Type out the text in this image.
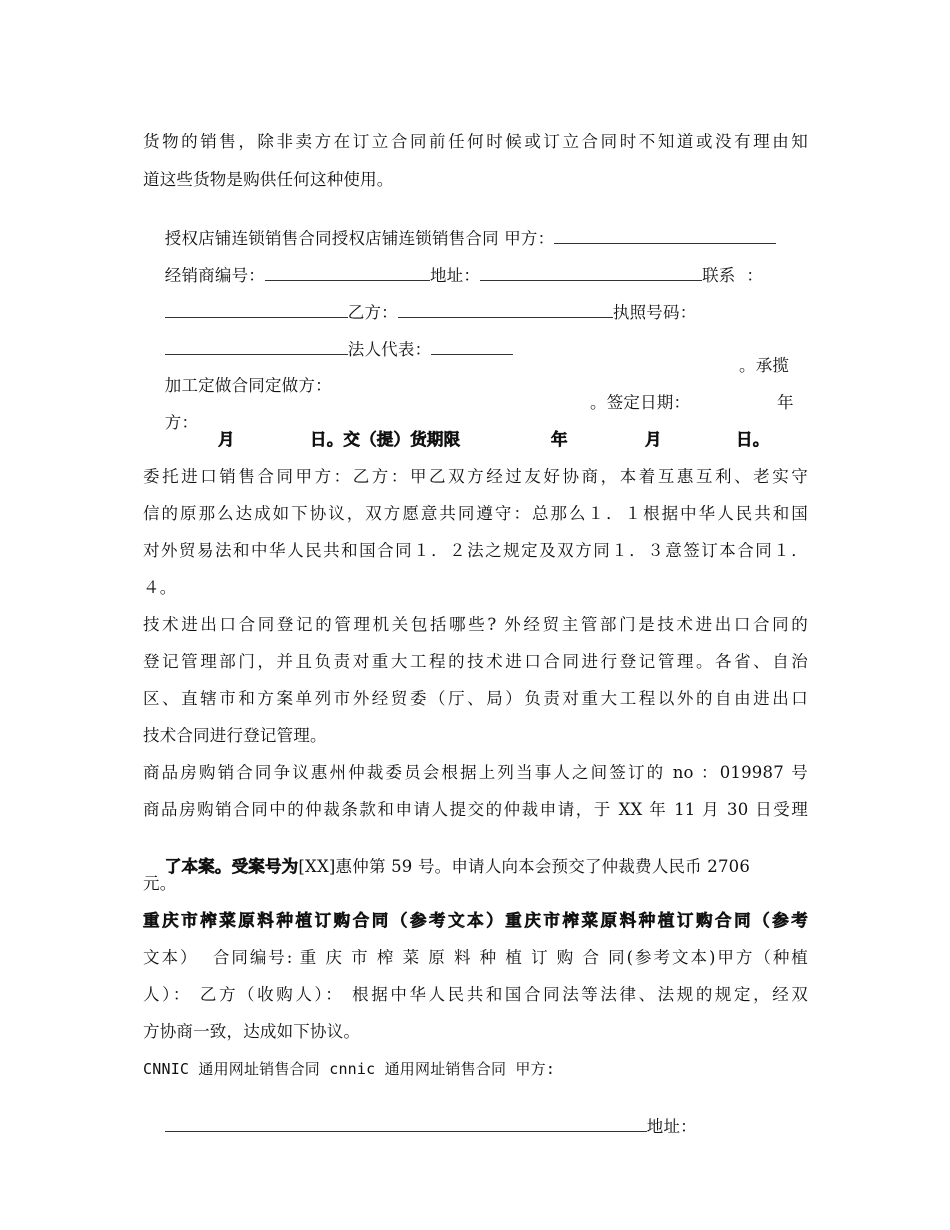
货物的销售，除非卖方在订立合同前任何时候或订立合同时不知道或没有理由知
道这些货物是购供任何这种使用。

授权店铺连锁销售合同授权店铺连锁销售合同 甲方：

经销商编号：	地址：	联系  ：

乙方：	执照号码：

法人代表：

加工定做合同定做方：

。承揽

方：

。签定日期：

	年

月

	日。交（提）货期限

	年

	月

	日。

委托进口销售合同甲方：乙方：甲乙双方经过友好协商，本着互惠互利、老实守
信的原那么达成如下协议，双方愿意共同遵守：总那么１．１根据中华人民共和国
对外贸易法和中华人民共和国合同１．２法之规定及双方同１．３意签订本合同１．
４。
技术进出口合同登记的管理机关包括哪些? 外经贸主管部门是技术进出口合同的
登记管理部门，并且负责对重大工程的技术进口合同进行登记管理。各省、自治
区、直辖市和方案单列市外经贸委（厅、局）负责对重大工程以外的自由进出口
技术合同进行登记管理。
商品房购销合同争议惠州仲裁委员会根据上列当事人之间签订的 no ：019987 号
商品房购销合同中的仲裁条款和申请人提交的仲裁申请，于 XX 年 11 月 30 日受理

了本案。受案号为[XX]惠仲第 59 号。申请人向本会预交了仲裁费人民币 2706

元。
重庆市榨菜原料种植订购合同（参考文本）重庆市榨菜原料种植订购合同（参考
文本）  合同编号: 重 庆 市 榨 菜 原 料 种 植 订 购 合 同(参考文本)甲方（种植
人）： 乙方（收购人）： 根据中华人民共和国合同法等法律、法规的规定，经双
方协商一致，达成如下协议。
CNNIC 通用网址销售合同 cnnic 通用网址销售合同 甲方:

地址：
